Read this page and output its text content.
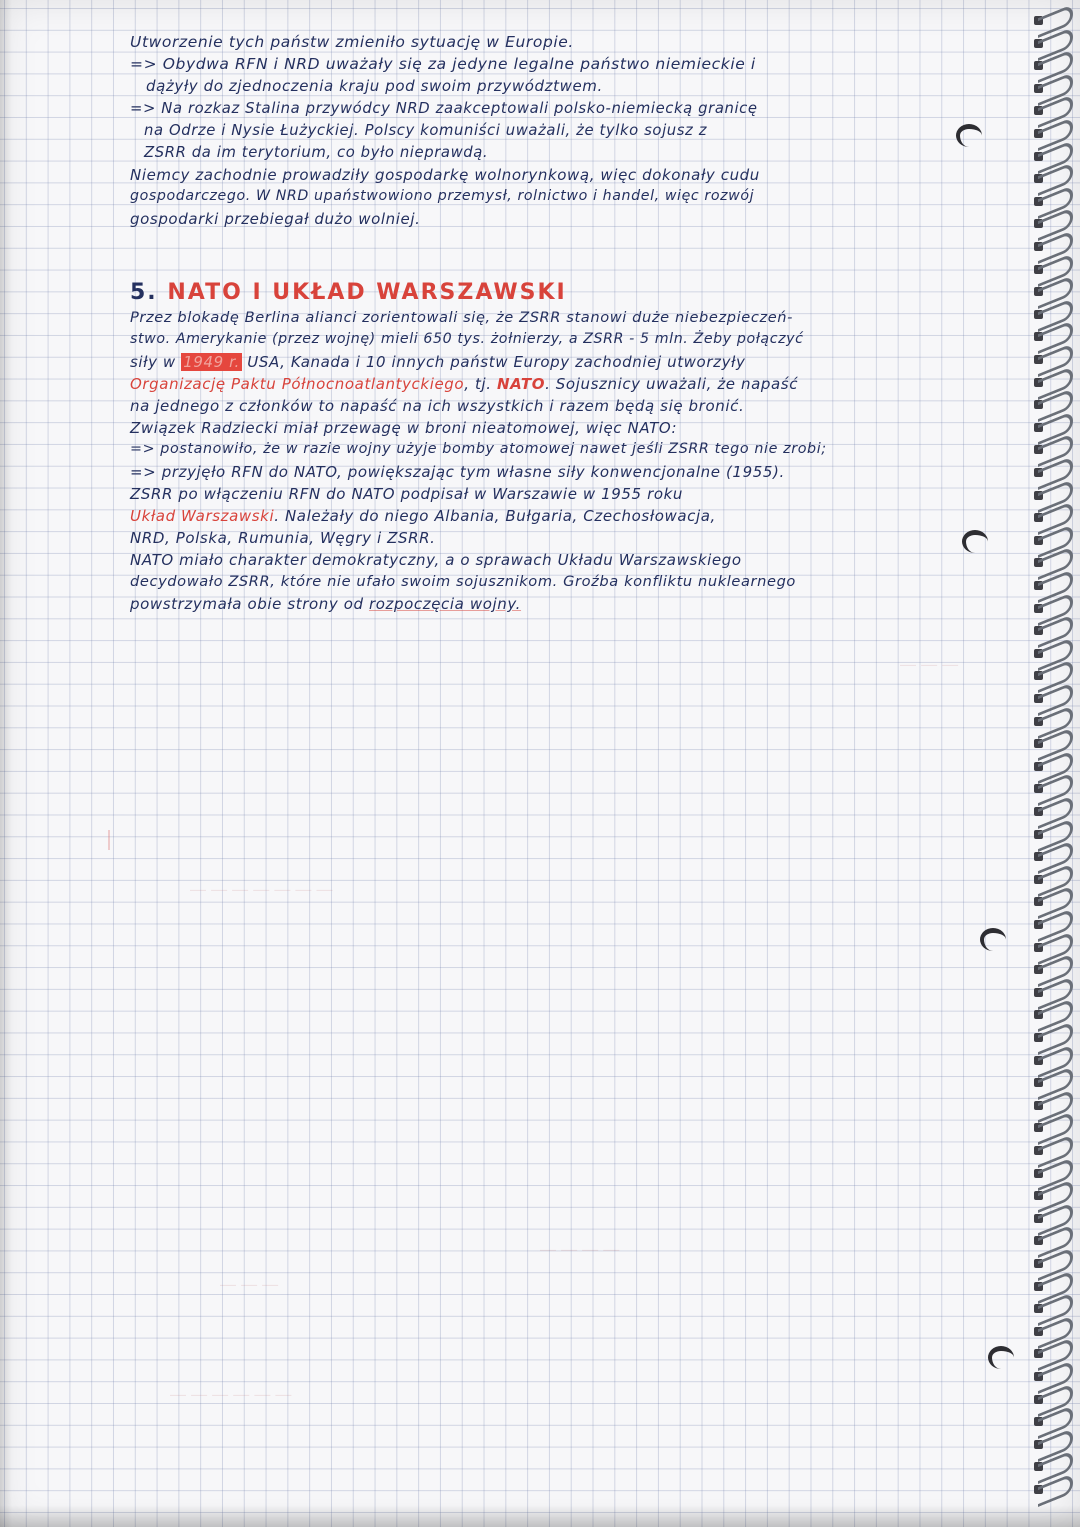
― ― ―
― ― ― ― ― ― ―
― ― ― ―
― ― ―
― ― ― ― ― ―
Utworzenie tych państw zmieniło sytuację w Europie.
=> Obydwa RFN i NRD uważały się za jedyne legalne państwo niemieckie i
dążyły do zjednoczenia kraju pod swoim przywództwem.
=> Na rozkaz Stalina przywódcy NRD zaakceptowali polsko-niemiecką granicę
na Odrze i Nysie Łużyckiej. Polscy komuniści uważali, że tylko sojusz z
ZSRR da im terytorium, co było nieprawdą.
Niemcy zachodnie prowadziły gospodarkę wolnorynkową, więc dokonały cudu
gospodarczego. W NRD upaństwowiono przemysł, rolnictwo i handel, więc rozwój
gospodarki przebiegał dużo wolniej.
5. NATO I UKŁAD WARSZAWSKI
Przez blokadę Berlina alianci zorientowali się, że ZSRR stanowi duże niebezpieczeń-
stwo. Amerykanie (przez wojnę) mieli 650 tys. żołnierzy, a ZSRR - 5 mln. Żeby połączyć
siły w 1949 r. USA, Kanada i 10 innych państw Europy zachodniej utworzyły
Organizację Paktu Północnoatlantyckiego, tj. NATO. Sojusznicy uważali, że napaść
na jednego z członków to napaść na ich wszystkich i razem będą się bronić.
Związek Radziecki miał przewagę w broni nieatomowej, więc NATO:
=> postanowiło, że w razie wojny użyje bomby atomowej nawet jeśli ZSRR tego nie zrobi;
=> przyjęło RFN do NATO, powiększając tym własne siły konwencjonalne (1955).
ZSRR po włączeniu RFN do NATO podpisał w Warszawie w 1955 roku
Układ Warszawski. Należały do niego Albania, Bułgaria, Czechosłowacja,
NRD, Polska, Rumunia, Węgry i ZSRR.
NATO miało charakter demokratyczny, a o sprawach Układu Warszawskiego
decydowało ZSRR, które nie ufało swoim sojusznikom. Groźba konfliktu nuklearnego
powstrzymała obie strony od rozpoczęcia wojny.
